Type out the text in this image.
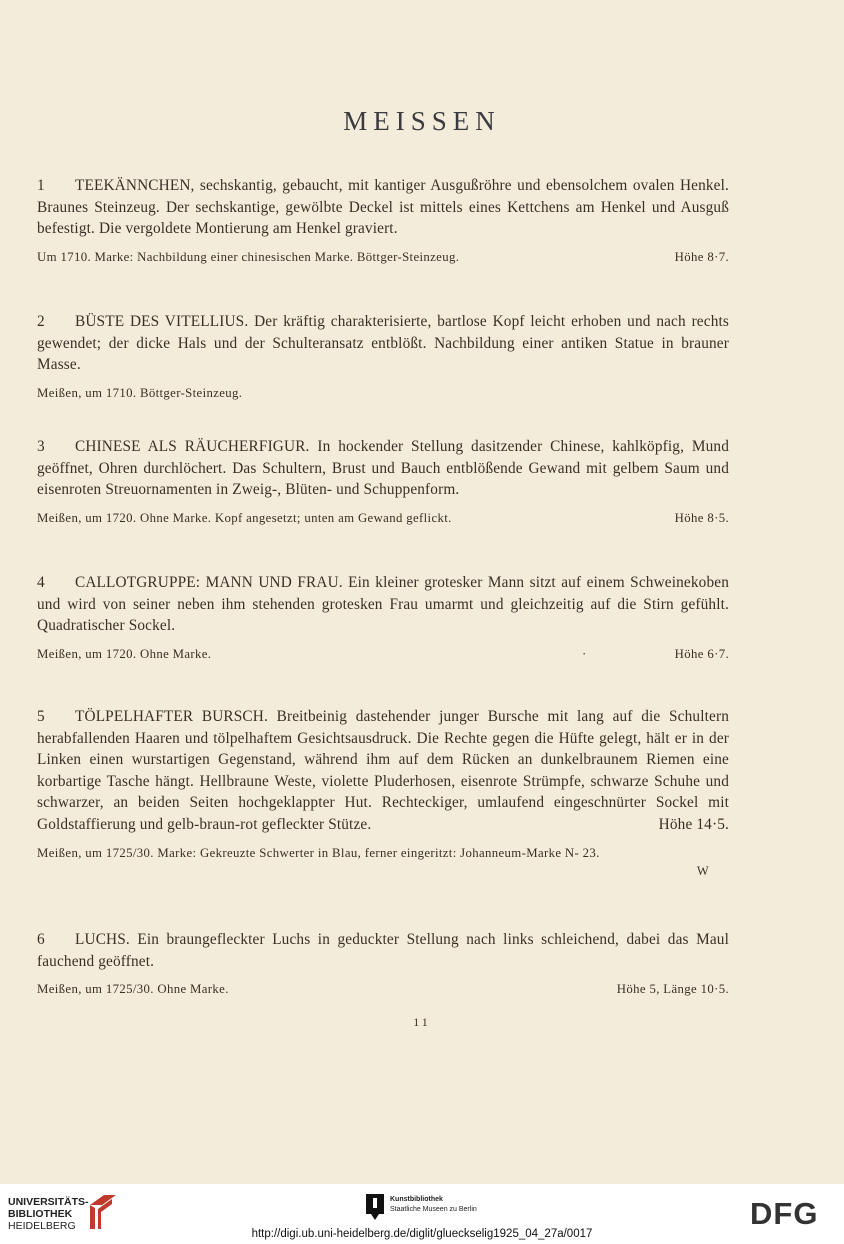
MEISSEN

1 TEEKÄNNCHEN, sechskantig, gebaucht, mit kantiger Ausgußröhre und ebensolchem ovalen Henkel. Braunes Steinzeug. Der sechskantige, gewölbte Deckel ist mittels eines Kettchens am Henkel und Ausguß befestigt. Die vergoldete Montierung am Henkel graviert.

Um 1710. Marke: Nachbildung einer chinesischen Marke. Böttger-Steinzeug.	Höhe 8·7.

2 BÜSTE DES VITELLIUS. Der kräftig charakterisierte, bartlose Kopf leicht erhoben und nach rechts gewendet; der dicke Hals und der Schulteransatz entblößt. Nachbildung einer antiken Statue in brauner Masse.

Meißen, um 1710. Böttger-Steinzeug.

3 CHINESE ALS RÄUCHERFIGUR. In hockender Stellung dasitzender Chinese, kahlköpfig, Mund geöffnet, Ohren durchlöchert. Das Schultern, Brust und Bauch entblößende Gewand mit gelbem Saum und eisenroten Streuornamenten in Zweig-, Blüten- und Schuppenform.

Meißen, um 1720. Ohne Marke. Kopf angesetzt; unten am Gewand geflickt.	Höhe 8·5.

4 CALLOTGRUPPE: MANN UND FRAU. Ein kleiner grotesker Mann sitzt auf einem Schweinekoben und wird von seiner neben ihm stehenden grotesken Frau umarmt und gleichzeitig auf die Stirn gefühlt. Quadratischer Sockel.

Meißen, um 1720. Ohne Marke.	·	Höhe 6·7.

5 TÖLPELHAFTER BURSCH. Breitbeinig dastehender junger Bursche mit lang auf die Schultern herabfallenden Haaren und tölpelhaftem Gesichtsausdruck. Die Rechte gegen die Hüfte gelegt, hält er in der Linken einen wurstartigen Gegenstand, während ihm auf dem Rücken an dunkelbraunem Riemen eine korbartige Tasche hängt. Hellbraune Weste, violette Pluderhosen, eisenrote Strümpfe, schwarze Schuhe und schwarzer, an beiden Seiten hochgeklappter Hut. Rechteckiger, umlaufend eingeschnürter Sockel mit Goldstaffierung und gelb-braun-rot gefleckter Stütze.	Höhe 14·5.

Meißen, um 1725/30. Marke: Gekreuzte Schwerter in Blau, ferner eingeritzt: Johanneum-Marke N- 23.
W

6 LUCHS. Ein braungefleckter Luchs in geduckter Stellung nach links schleichend, dabei das Maul fauchend geöffnet.

Meißen, um 1725/30. Ohne Marke.	Höhe 5, Länge 10·5.
11
UNIVERSITÄTS-
BIBLIOTHEK
HEIDELBERG
Kunstbibliothek
Staatliche Museen zu Berlin	DFG
http://digi.ub.uni-heidelberg.de/diglit/glueckselig1925_04_27a/0017
